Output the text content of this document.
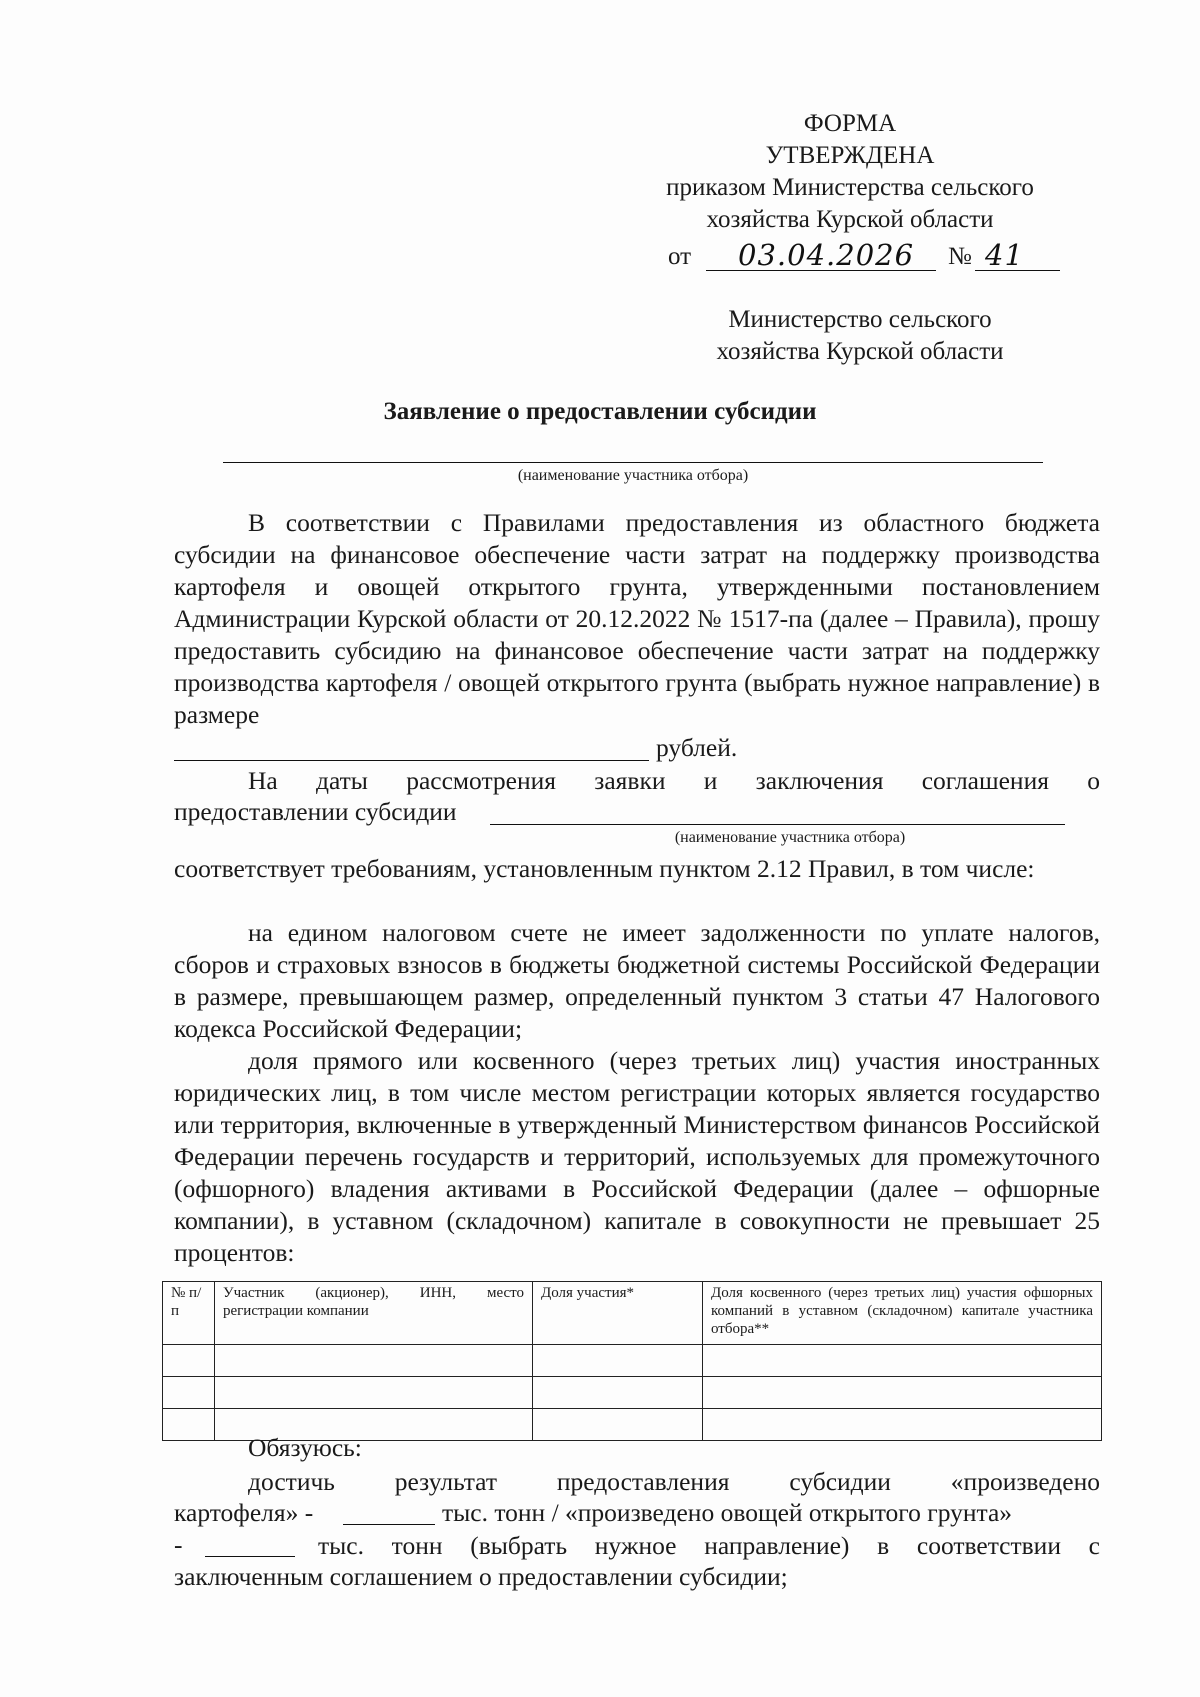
ФОРМА
УТВЕРЖДЕНА
приказом Министерства сельского
хозяйства Курской области
от 03.04.2026 № 41
Министерство сельского
хозяйства Курской области
Заявление о предоставлении субсидии
(наименование участника отбора)
В соответствии с Правилами предоставления из областного бюджета
субсидии на финансовое обеспечение части затрат на поддержку производства картофеля и овощей открытого грунта, утвержденными постановлением Администрации Курской области от 20.12.2022 № 1517-па (далее – Правила), прошу предоставить субсидию на финансовое обеспечение части затрат на поддержку производства картофеля / овощей открытого грунта (выбрать нужное направление) в размере
рублей.
На даты рассмотрения заявки и заключения соглашения о
предоставлении субсидии
(наименование участника отбора)
соответствует требованиям, установленным пунктом 2.12 Правил, в том числе:
на едином налоговом счете не имеет задолженности по уплате налогов, сборов и страховых взносов в бюджеты бюджетной системы Российской Федерации в размере, превышающем размер, определенный пунктом 3 статьи 47 Налогового кодекса Российской Федерации;
доля прямого или косвенного (через третьих лиц) участия иностранных юридических лиц, в том числе местом регистрации которых является государство или территория, включенные в утвержденный Министерством финансов Российской Федерации перечень государств и территорий, используемых для промежуточного (офшорного) владения активами в Российской Федерации (далее – офшорные компании), в уставном (складочном) капитале в совокупности не превышает 25 процентов:
№ п/п	Участник (акционер), ИНН, место регистрации компании	Доля участия*	Доля косвенного (через третьих лиц) участия офшорных компаний в уставном (складочном) капитале участника отбора**

Обязуюсь:
достичь результат предоставления субсидии «произведено
картофеля» -	тыс. тонн / «произведено овощей открытого грунта»
-	тыс. тонн (выбрать нужное направление) в соответствии с
заключенным соглашением о предоставлении субсидии;
